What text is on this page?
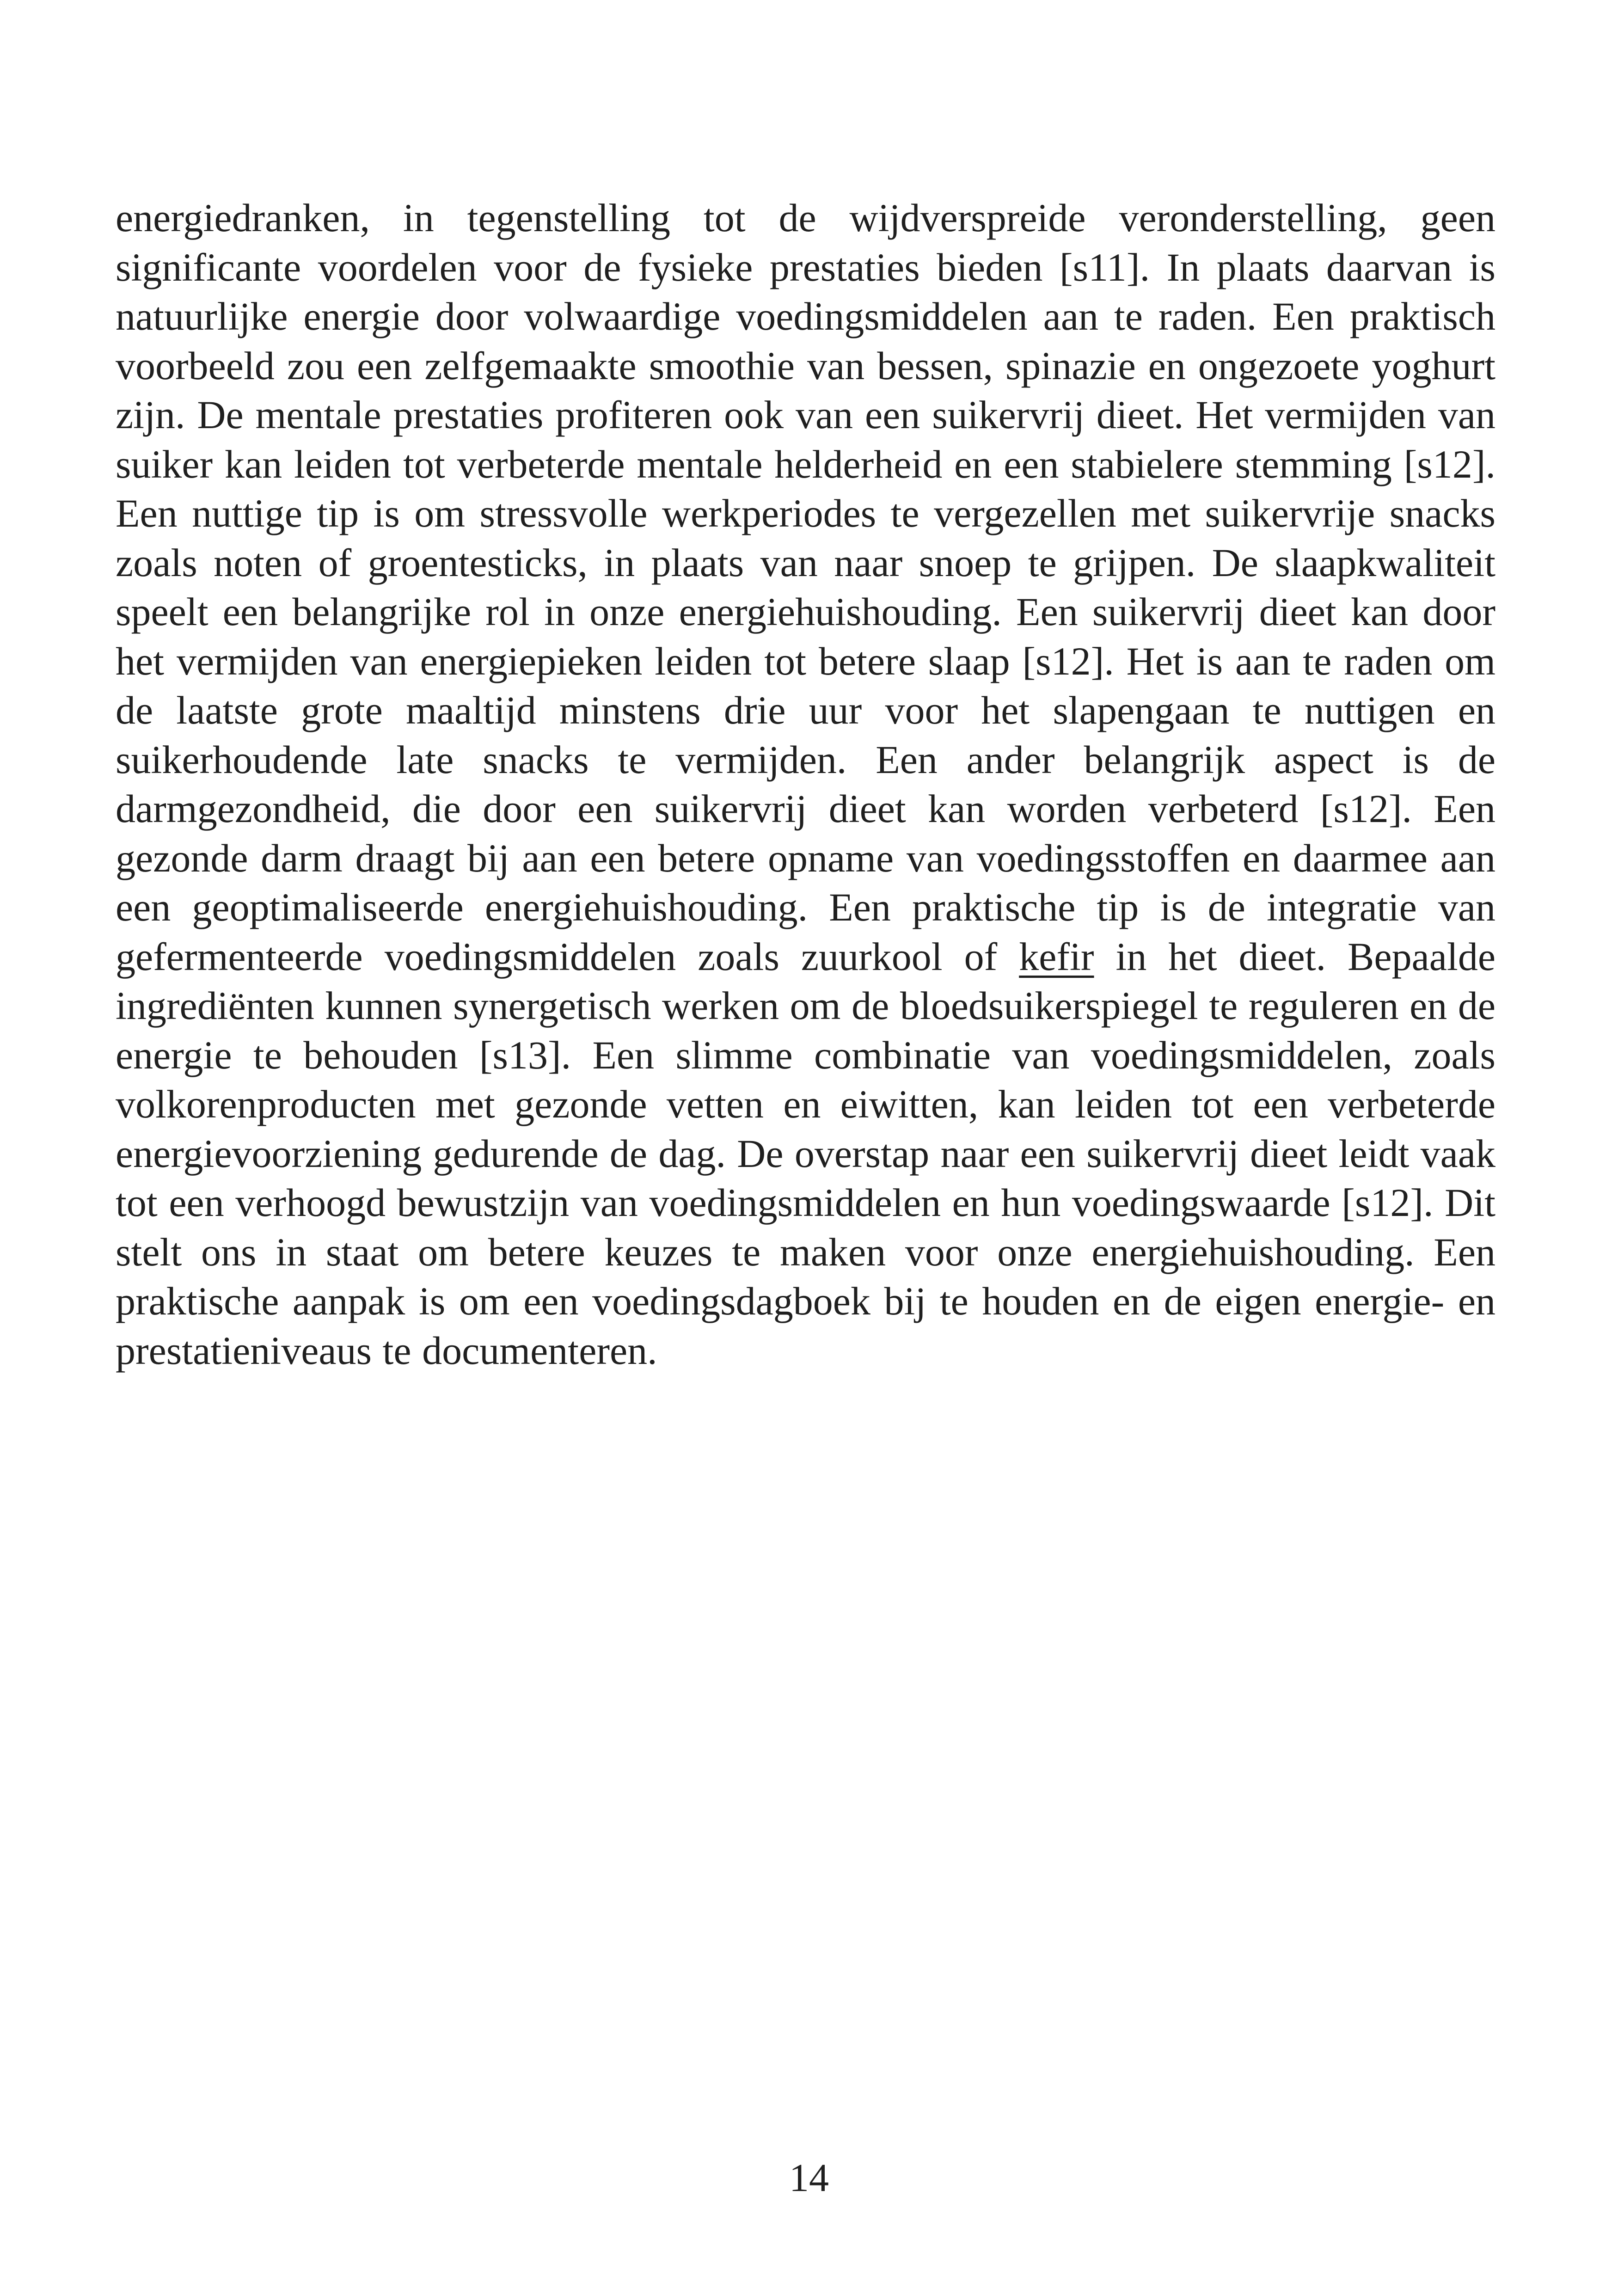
energiedranken, in tegenstelling tot de wijdverspreide veronderstelling, geen significante voordelen voor de fysieke prestaties bieden [s11]. In plaats daarvan is natuurlijke energie door volwaardige voedingsmiddelen aan te raden. Een praktisch voorbeeld zou een zelfgemaakte smoothie van bessen, spinazie en ongezoete yoghurt zijn. De mentale prestaties profiteren ook van een suikervrij dieet. Het vermijden van suiker kan leiden tot verbeterde mentale helderheid en een stabielere stemming [s12]. Een nuttige tip is om stressvolle werkperiodes te vergezellen met suikervrije snacks zoals noten of groentesticks, in plaats van naar snoep te grijpen. De slaapkwaliteit speelt een belangrijke rol in onze energiehuishouding. Een suikervrij dieet kan door het vermijden van energiepieken leiden tot betere slaap [s12]. Het is aan te raden om de laatste grote maaltijd minstens drie uur voor het slapengaan te nuttigen en suikerhoudende late snacks te vermijden. Een ander belangrijk aspect is de darmgezondheid, die door een suikervrij dieet kan worden verbeterd [s12]. Een gezonde darm draagt bij aan een betere opname van voedingsstoffen en daarmee aan een geoptimaliseerde energiehuishouding. Een praktische tip is de integratie van gefermenteerde voedingsmiddelen zoals zuurkool of kefir in het dieet. Bepaalde ingrediënten kunnen synergetisch werken om de bloedsuikerspiegel te reguleren en de energie te behouden [s13]. Een slimme combinatie van voedingsmiddelen, zoals volkorenproducten met gezonde vetten en eiwitten, kan leiden tot een verbeterde energievoorziening gedurende de dag. De overstap naar een suikervrij dieet leidt vaak tot een verhoogd bewustzijn van voedingsmiddelen en hun voedingswaarde [s12]. Dit stelt ons in staat om betere keuzes te maken voor onze energiehuishouding. Een praktische aanpak is om een voedingsdagboek bij te houden en de eigen energie- en prestatieniveaus te documenteren.

14
